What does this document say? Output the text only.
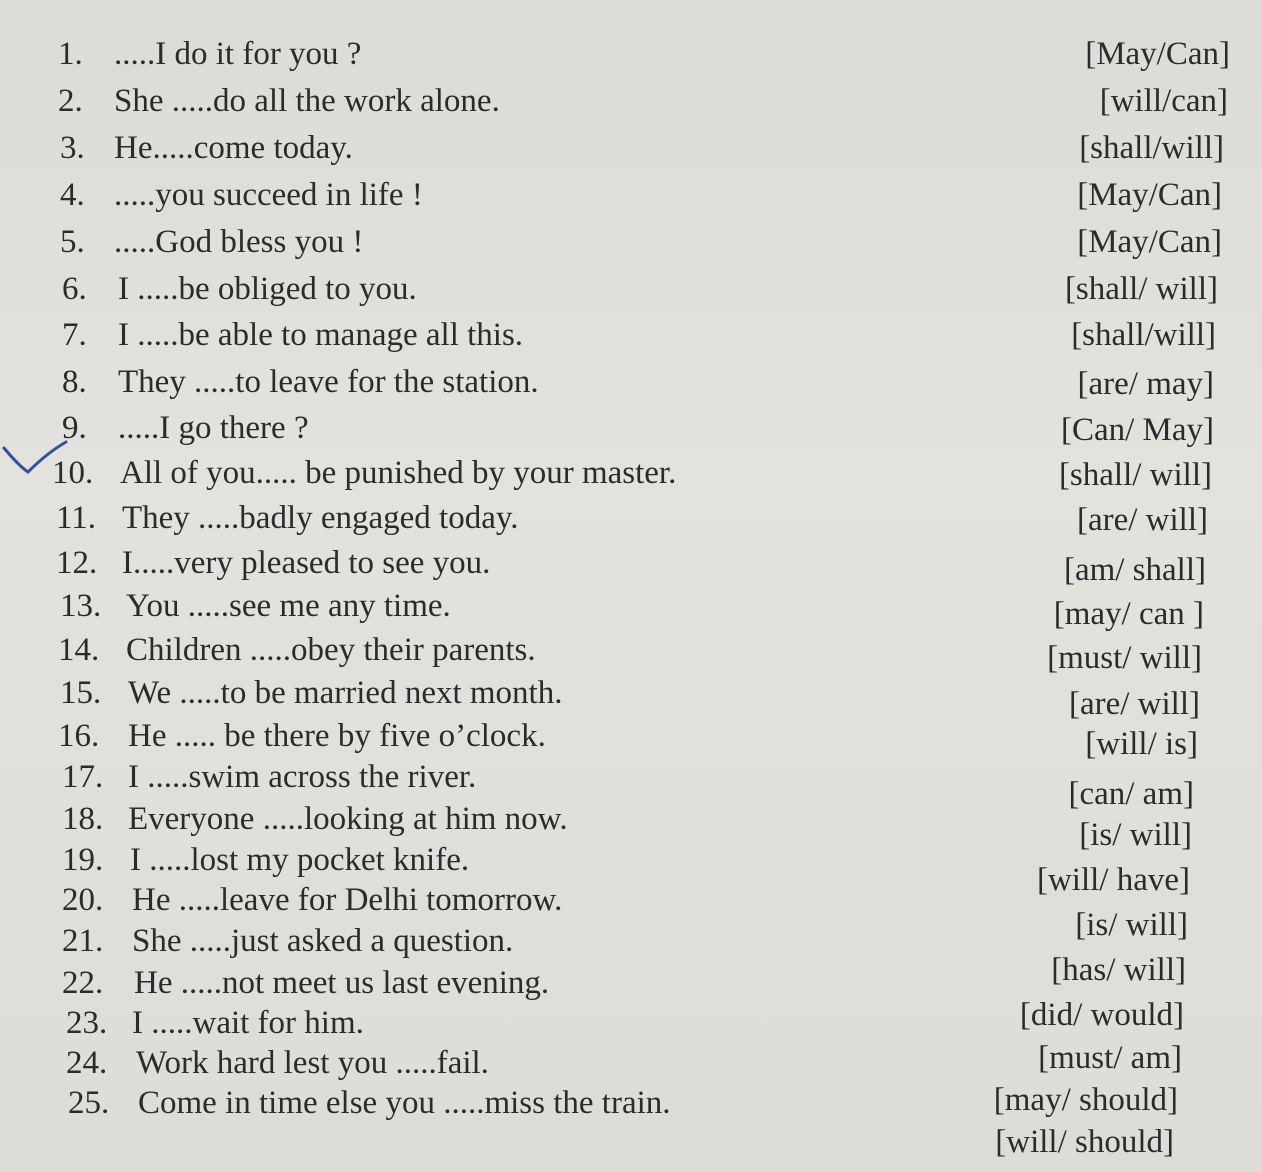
1. .....I do it for you ?	[May/Can]
2. She .....do all the work alone.	[will/can]
3. He.....come today.	[shall/will]
4. .....you succeed in life !	[May/Can]
5. .....God bless you !	[May/Can]
6. I .....be obliged to you.	[shall/ will]
7. I .....be able to manage all this.	[shall/will]
8. They .....to leave for the station.	[are/ may]
9. .....I go there ?	[Can/ May]
10. All of you..... be punished by your master.	[shall/ will]
11. They .....badly engaged today.	[are/ will]
12. I.....very pleased to see you.	[am/ shall]
13. You .....see me any time.	[may/ can ]
14. Children .....obey their parents.	[must/ will]
15. We .....to be married next month.	[are/ will]
16. He ..... be there by five o’clock.	[will/ is]
17. I .....swim across the river.	[can/ am]
18. Everyone .....looking at him now.	[is/ will]
19. I .....lost my pocket knife.
[will/ have]
20. He .....leave for Delhi tomorrow.
[is/ will]
21. She .....just asked a question.
[has/ will]
22. He .....not meet us last evening.
[did/ would]
23. I .....wait for him.
[must/ am]
24. Work hard lest you .....fail.
[may/ should]
25. Come in time else you .....miss the train.
[will/ should]
